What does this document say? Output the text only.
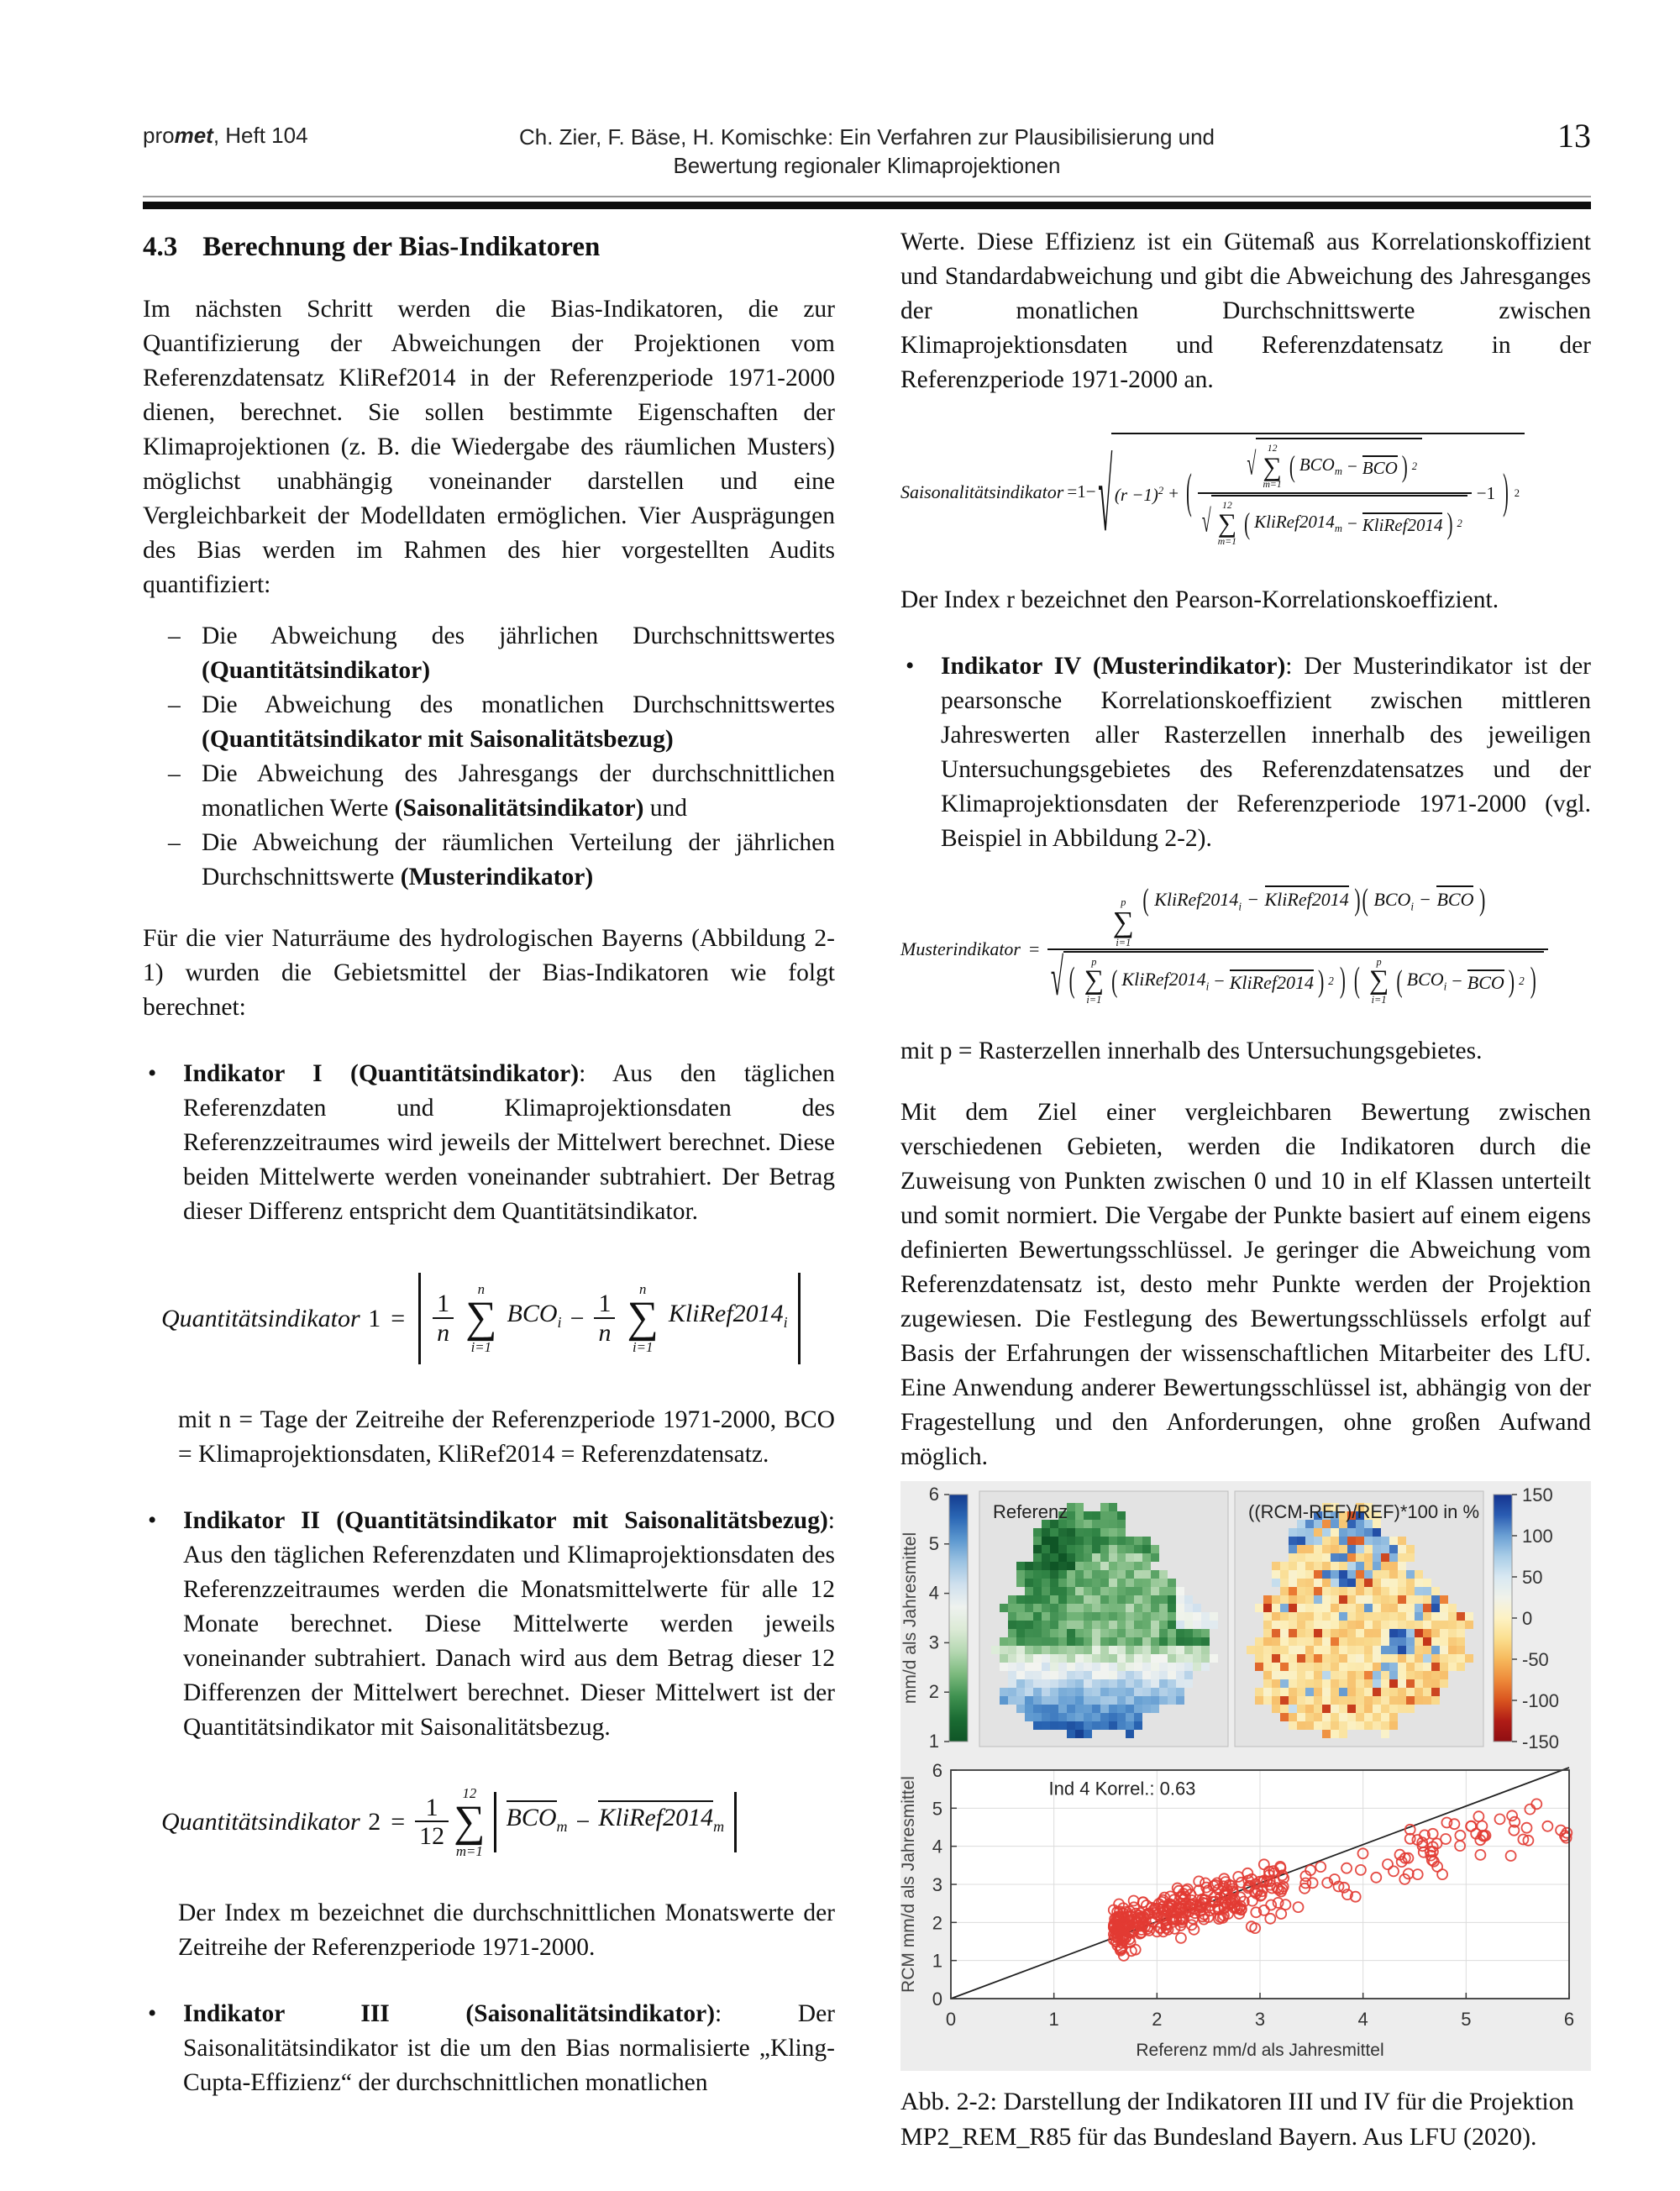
promet, Heft 104	Ch. Zier, F. Bäse, H. Komischke: Ein Verfahren zur Plausibilisierung und
Bewertung regionaler Klimaprojektionen
13
4.3 Berechnung der Bias-Indikatoren

Im nächsten Schritt werden die Bias-Indikatoren, die zur Quantifizierung der Abweichungen der Projektionen vom Referenzdatensatz KliRef2014 in der Referenzperiode 1971-2000 dienen, berechnet. Sie sollen bestimmte Eigenschaften der Klimaprojektionen (z. B. die Wiedergabe des räumlichen Musters) möglichst unabhängig voneinander darstellen und eine Vergleichbarkeit der Modelldaten ermöglichen. Vier Ausprägungen des Bias werden im Rahmen des hier vorgestellten Audits quantifiziert:

– Die Abweichung des jährlichen Durchschnittswertes (Quantitätsindikator)
– Die Abweichung des monatlichen Durchschnittswertes (Quantitätsindikator mit Saisonalitätsbezug)
– Die Abweichung des Jahresgangs der durchschnittlichen monatlichen Werte (Saisonalitätsindikator) und
– Die Abweichung der räumlichen Verteilung der jährlichen Durchschnittswerte (Musterindikator)

Für die vier Naturräume des hydrologischen Bayerns (Abbildung 2-1) wurden die Gebietsmittel der Bias-Indikatoren wie folgt berechnet:

•	Indikator I (Quantitätsindikator): Aus den täglichen Referenzdaten und Klimaprojektionsdaten des Referenzzeitraumes wird jeweils der Mittelwert berechnet. Diese beiden Mittelwerte werden voneinander subtrahiert. Der Betrag dieser Differenz entspricht dem Quantitätsindikator.
Quantitätsindikator $1 = \frac{1}{n}$
n
∑
i=1
$BCO_i - \frac{1}{n}$
n
∑
i=1
$KliRef2014_i$

mit n = Tage der Zeitreihe der Referenzperiode 1971-2000, BCO = Klimaprojektionsdaten, KliRef2014 = Referenzdatensatz.

•	Indikator II (Quantitätsindikator mit Saisonalitätsbezug): Aus den täglichen Referenzdaten und Klimaprojektionsdaten des Referenzzeitraumes werden die Monatsmittelwerte für alle 12 Monate berechnet. Diese Mittelwerte werden jeweils voneinander subtrahiert. Danach wird aus dem Betrag dieser 12 Differenzen der Mittelwert berechnet. Dieser Mittelwert ist der Quantitätsindikator mit Saisonalitätsbezug.
Quantitätsindikator $2 = \frac{1}{12}$
12
∑
m=1
$BCO_m$ − $KliRef2014_m$

Der Index m bezeichnet die durchschnittlichen Monatswerte der Zeitreihe der Referenzperiode 1971-2000.

•	Indikator III (Saisonalitätsindikator): Der Saisonalitätsindikator ist die um den Bias normalisierte „Kling-Cupta-Effizienz“ der durchschnittlichen monatlichen

Werte. Diese Effizienz ist ein Gütemaß aus Korrelationskoffizient und Standardabweichung und gibt die Abweichung des Jahresganges der monatlichen Durchschnittswerte zwischen Klimaprojektionsdaten und Referenzdatensatz in der Referenzperiode 1971-2000 an.

Saisonalitätsindikator =1− √ $(r -1)^2$ + (
√ 12
∑
m=1
( $BCO_m$ − BCO ) 2
√ 12
∑
m=1
( $KliRef2014_m$ − KliRef2014 ) 2
−1 ) 2

Der Index r bezeichnet den Pearson-Korrelationskoeffizient.

•	Indikator IV (Musterindikator): Der Musterindikator ist der pearsonsche Korrelationskoeffizient zwischen mittleren Jahreswerten aller Rasterzellen innerhalb des jeweiligen Untersuchungsgebietes des Referenzdatensatzes und der Klimaprojektionsdaten der Referenzperiode 1971-2000 (vgl. Beispiel in Abbildung 2-2).
Musterindikator =
p
∑
i=1
( $KliRef2014_i$ − KliRef2014 )( $BCO_i$ − BCO )
√ ( p
∑
i=1
( $KliRef2014_i$ − KliRef2014 ) 2 ) ( p
∑
i=1
( $BCO_i$ − BCO ) 2 )

mit p = Rasterzellen innerhalb des Untersuchungsgebietes.

Mit dem Ziel einer vergleichbaren Bewertung zwischen verschiedenen Gebieten, werden die Indikatoren durch die Zuweisung von Punkten zwischen 0 und 10 in elf Klassen unterteilt und somit normiert. Die Vergabe der Punkte basiert auf einem eigens definierten Bewertungsschlüssel. Je geringer die Abweichung vom Referenzdatensatz ist, desto mehr Punkte werden der Projektion zugewiesen. Die Festlegung des Bewertungsschlüssels erfolgt auf Basis der Erfahrungen der wissenschaftlichen Mitarbeiter des LfU. Eine Anwendung anderer Bewertungsschlüssel ist, abhängig von der Fragestellung und den Anforderungen, ohne großen Aufwand möglich.

6
5
4
3
2
1
mm/d als Jahresmittel
Referenz	((RCM-REF)/REF)*100 in %
150
100
50
0
-50
-100
-150
Ind 4 Korrel.: 0.63
0	1	2	3	4	5	6
0
1
2
3
4
5
6
Referenz mm/d als Jahresmittel
RCM mm/d als Jahresmittel

Abb. 2-2: Darstellung der Indikatoren III und IV für die Projektion MP2_REM_R85 für das Bundesland Bayern. Aus LFU (2020).
